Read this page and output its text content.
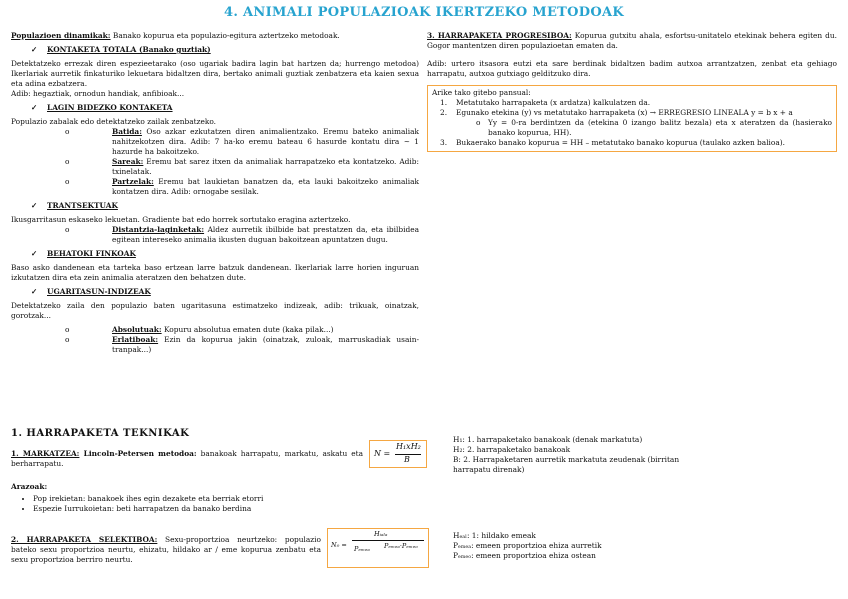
4. ANIMALI POPULAZIOAK IKERTZEKO METODOAK

Populazioen dinamikak: Banako kopurua eta populazio-egitura aztertzeko metodoak.

✓ KONTAKETA TOTALA (Banako guztiak)

Detektatzeko errezak diren espezieetarako (oso ugariak badira lagin bat hartzen da; hurrengo metodoa) Ikerlariak aurretik finkaturiko lekuetara bidaltzen dira, bertako animali guztiak zenbatzera eta kaien sexua eta adina ezbatzera.

Adib: hegaztiak, ornodun handiak, anfibioak...

✓ LAGIN BIDEZKO KONTAKETA

Populazio zabalak edo detektatzeko zailak zenbatzeko.

o	Batida: Oso azkar ezkutatzen diren animalientzako. Eremu bateko animaliak nahitzekotzen dira. Adib: 7 ha-ko eremu bateau 6 hasurde kontatu dira ~ 1 hazurde ha bakoitzeko.
o	Sareak: Eremu bat sarez itxen da animaliak harrapatzeko eta kontatzeko. Adib: txinelatak.
o	Partzelak: Eremu bat laukietan banatzen da, eta lauki bakoitzeko animaliak kontatzen dira. Adib: ornogabe sesilak.
✓ TRANTSEKTUAK

Ikusgarritasun eskaseko lekuetan. Gradiente bat edo horrek sortutako eragina aztertzeko.

o	Distantzia-laginketak: Aldez aurretik ibilbide bat prestatzen da, eta ibilbidea egitean intereseko animalia ikusten duguan bakoitzean apuntatzen dugu.
✓ BEHATOKI FINKOAK

Baso asko dandenean eta tarteka baso ertzean larre batzuk dandenean. Ikerlariak larre horien inguruan izkutatzen dira eta zein animalia ateratzen den behatzen dute.

✓ UGARITASUN-INDIZEAK

Detektatzeko zaila den populazio baten ugaritasuna estimatzeko indizeak, adib: trikuak, oinatzak, gorotzak...

o	Absolutuak: Kopuru absolutua ematen dute (kaka pilak...)
o	Erlatiboak: Ezin da kopurua jakin (oinatzak, zuloak, marruskadiak usain-tranpak...)

3. HARRAPAKETA PROGRESIBOA: Kopurua gutxitu ahala, esfortsu-unitatelo etekinak behera egiten du. Gogor mantentzen diren populazioetan ematen da.

Adib: urtero itsasora eutzi eta sare berdinak bidaltzen badim autxoa arrantzatzen, zenbat eta gehiago harrapatu, autxoa gutxiago gelditzuko dira.

Arike tako gitebo pansual:
1. Metatutako harrapaketa (x ardatza) kalkulatzen da.
2. Egunako etekina (y) vs metatutako harrapaketa (x) → ERREGRESIO LINEALA y = b x + a
o Yy = 0-ra berdintzen da (etekina 0 izango balitz bezala) eta x ateratzen da (hasierako banako kopurua, HH).
3. Bukaerako banako kopurua = HH – metatutako banako kopurua (taulako azken balioa).
1. HARRAPAKETA TEKNIKAK

1. MARKATZEA: Lincoln-Petersen metodoa: banakoak harrapatu, markatu, askatu eta berharrapatu.

N =
H₁xH₂
B
H₁: 1. harrapaketako banakoak (denak markatuta)
H₂: 2. harrapaketako banakoak
B: 2. Harrapaketaren aurretik markatuta zeudenak (birritan harrapatu direnak)
Arazoak:
• Pop irekietan: banakoek ihes egin dezakete eta berriak etorri
• Espezie Iurrukoietan: beti harrapatzen da banako berdina

2. HARRAPAKETA SELEKTIBOA: Sexu-proportzioa neurtzeko: populazio bateko sexu proportzioa neurtu, ehizatu, hildako ar / eme kopurua zenbatu eta sexu proportzioa berriro neurtu.

N₀ =
Hᵢₐₗₐ
Pₑₘₑₐ Pₑₘₑₐ·Pₑₘₑₒ
Hₑₐₗ: 1: hildako emeak
Pₑₘₑₐ: emeen proportzioa ehiza aurretik
Pₑₘₑₒ: emeen proportzioa ehiza ostean
